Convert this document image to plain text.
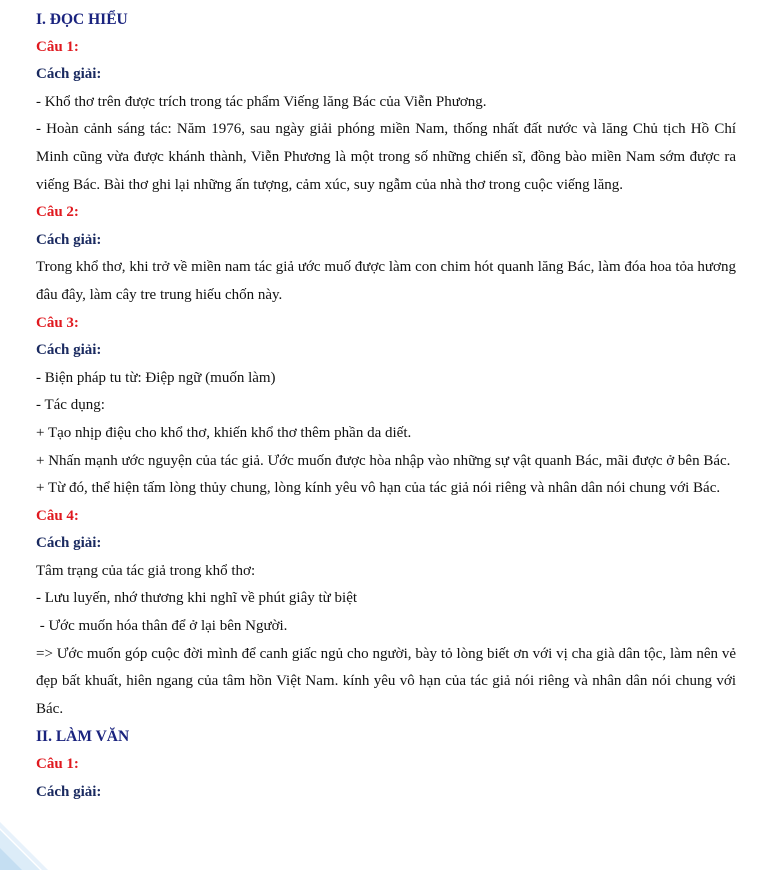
I. ĐỌC HIỂU
Câu 1:
Cách giải:
- Khổ thơ trên được trích trong tác phẩm Viếng lăng Bác của Viễn Phương.
- Hoàn cảnh sáng tác: Năm 1976, sau ngày giải phóng miền Nam, thống nhất đất nước và lăng Chủ tịch Hồ Chí Minh cũng vừa được khánh thành, Viễn Phương là một trong số những chiến sĩ, đồng bào miền Nam sớm được ra viếng Bác. Bài thơ ghi lại những ấn tượng, cảm xúc, suy ngẫm của nhà thơ trong cuộc viếng lăng.
Câu 2:
Cách giải:
Trong khổ thơ, khi trở về miền nam tác giả ước muố được làm con chim hót quanh lăng Bác, làm đóa hoa tỏa hương đâu đây, làm cây tre trung hiếu chốn này.
Câu 3:
Cách giải:
- Biện pháp tu từ: Điệp ngữ (muốn làm)
- Tác dụng:
+ Tạo nhịp điệu cho khổ thơ, khiến khổ thơ thêm phần da diết.
+ Nhấn mạnh ước nguyện của tác giả. Ước muốn được hòa nhập vào những sự vật quanh Bác, mãi được ở bên Bác.
+ Từ đó, thể hiện tấm lòng thủy chung, lòng kính yêu vô hạn của tác giả nói riêng và nhân dân nói chung với Bác.
Câu 4:
Cách giải:
Tâm trạng của tác giả trong khổ thơ:
- Lưu luyến, nhớ thương khi nghĩ về phút giây từ biệt
- Ước muốn hóa thân để ở lại bên Người.
=> Ước muốn góp cuộc đời mình để canh giấc ngủ cho người, bày tỏ lòng biết ơn với vị cha già dân tộc, làm nên vẻ đẹp bất khuất, hiên ngang của tâm hồn Việt Nam. kính yêu vô hạn của tác giả nói riêng và nhân dân nói chung với Bác.
II. LÀM VĂN
Câu 1:
Cách giải:
